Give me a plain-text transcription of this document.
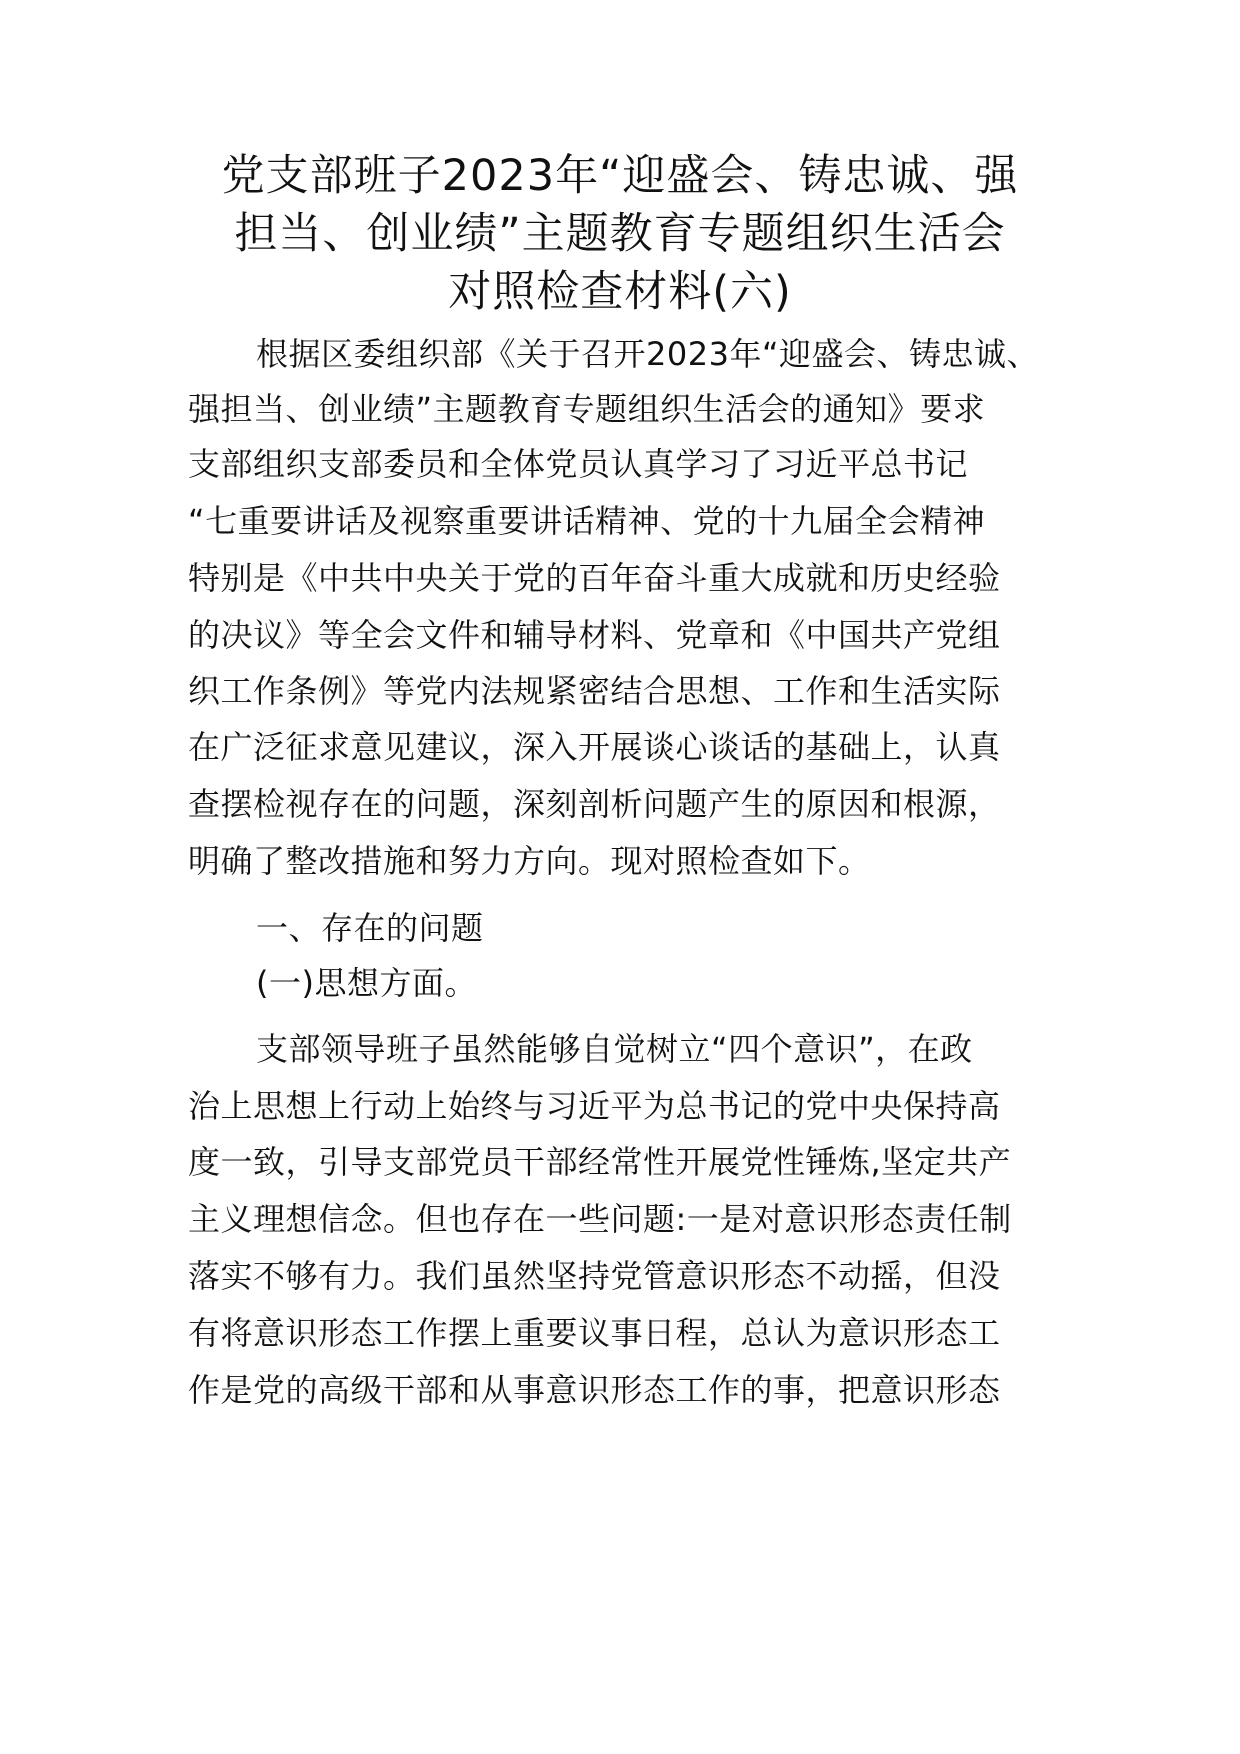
党支部班子2023年“迎盛会、铸忠诚、强
担当、创业绩”主题教育专题组织生活会
对照检查材料(六)
根据区委组织部《关于召开2023年“迎盛会、铸忠诚、
强担当、创业绩”主题教育专题组织生活会的通知》要求
支部组织支部委员和全体党员认真学习了习近平总书记
“七重要讲话及视察重要讲话精神、党的十九届全会精神
特别是《中共中央关于党的百年奋斗重大成就和历史经验
的决议》等全会文件和辅导材料、党章和《中国共产党组
织工作条例》等党内法规紧密结合思想、工作和生活实际
在广泛征求意见建议，深入开展谈心谈话的基础上，认真
查摆检视存在的问题，深刻剖析问题产生的原因和根源，
明确了整改措施和努力方向。现对照检查如下。
一、存在的问题
(一)思想方面。
支部领导班子虽然能够自觉树立“四个意识”，在政
治上思想上行动上始终与习近平为总书记的党中央保持高
度一致，引导支部党员干部经常性开展党性锤炼,坚定共产
主义理想信念。但也存在一些问题:一是对意识形态责任制
落实不够有力。我们虽然坚持党管意识形态不动摇，但没
有将意识形态工作摆上重要议事日程，总认为意识形态工
作是党的高级干部和从事意识形态工作的事，把意识形态
